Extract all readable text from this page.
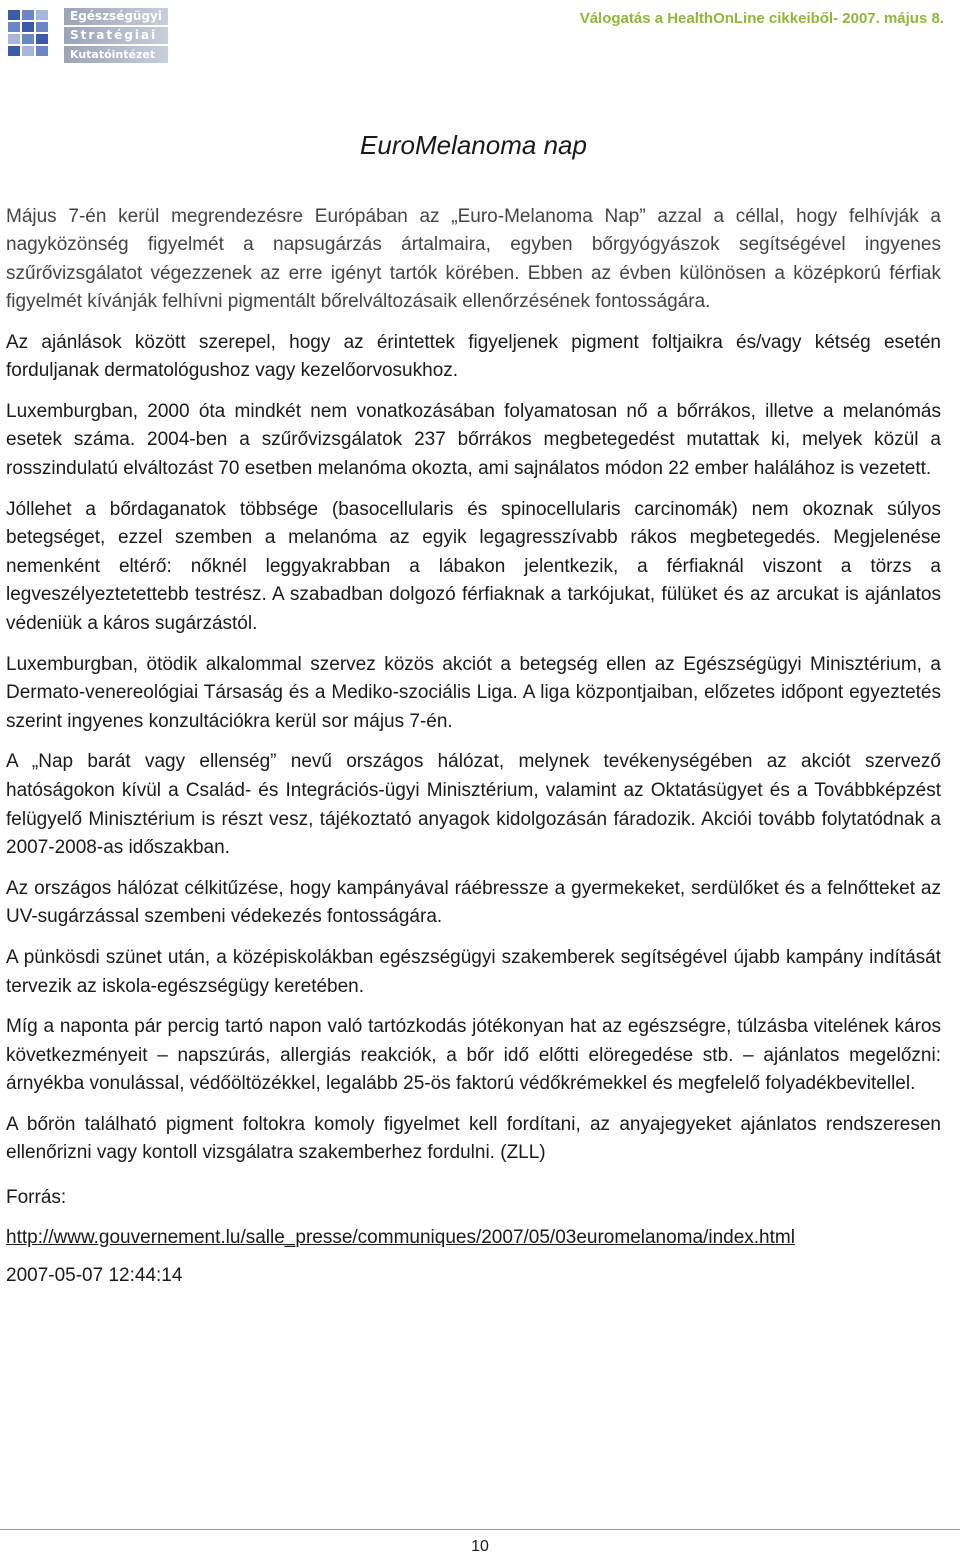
Egészségügyi
Stratégiai
Kutatóintézet
Válogatás a HealthOnLine cikkeiből- 2007. május 8.
EuroMelanoma nap

Május 7-én kerül megrendezésre Európában az „Euro-Melanoma Nap” azzal a céllal, hogy felhívják a nagyközönség figyelmét a napsugárzás ártalmaira, egyben bőrgyógyászok segítségével ingyenes szűrővizsgálatot végezzenek az erre igényt tartók körében. Ebben az évben különösen a középkorú férfiak figyelmét kívánják felhívni pigmentált bőrelváltozásaik ellenőrzésének fontosságára.

Az ajánlások között szerepel, hogy az érintettek figyeljenek pigment foltjaikra és/vagy kétség esetén forduljanak dermatológushoz vagy kezelőorvosukhoz.

Luxemburgban, 2000 óta mindkét nem vonatkozásában folyamatosan nő a bőrrákos, illetve a melanómás esetek száma. 2004-ben a szűrővizsgálatok 237 bőrrákos megbetegedést mutattak ki, melyek közül a rosszindulatú elváltozást 70 esetben melanóma okozta, ami sajnálatos módon 22 ember halálához is vezetett.

Jóllehet a bőrdaganatok többsége (basocellularis és spinocellularis carcinomák) nem okoznak súlyos betegséget, ezzel szemben a melanóma az egyik legagresszívabb rákos megbetegedés. Megjelenése nemenként eltérő: nőknél leggyakrabban a lábakon jelentkezik, a férfiaknál viszont a törzs a legveszélyeztetettebb testrész. A szabadban dolgozó férfiaknak a tarkójukat, fülüket és az arcukat is ajánlatos védeniük a káros sugárzástól.

Luxemburgban, ötödik alkalommal szervez közös akciót a betegség ellen az Egészségügyi Minisztérium, a Dermato-venereológiai Társaság és a Mediko-szociális Liga. A liga központjaiban, előzetes időpont egyeztetés szerint ingyenes konzultációkra kerül sor május 7-én.

A „Nap barát vagy ellenség” nevű országos hálózat, melynek tevékenységében az akciót szervező hatóságokon kívül a Család- és Integrációs-ügyi Minisztérium, valamint az Oktatásügyet és a Továbbképzést felügyelő Minisztérium is részt vesz, tájékoztató anyagok kidolgozásán fáradozik. Akciói tovább folytatódnak a 2007-2008-as időszakban.

Az országos hálózat célkitűzése, hogy kampányával ráébressze a gyermekeket, serdülőket és a felnőtteket az UV-sugárzással szembeni védekezés fontosságára.

A pünkösdi szünet után, a középiskolákban egészségügyi szakemberek segítségével újabb kampány indítását tervezik az iskola-egészségügy keretében.

Míg a naponta pár percig tartó napon való tartózkodás jótékonyan hat az egészségre, túlzásba vitelének káros következményeit – napszúrás, allergiás reakciók, a bőr idő előtti elöregedése stb. – ajánlatos megelőzni: árnyékba vonulással, védőöltözékkel, legalább 25-ös faktorú védőkrémekkel és megfelelő folyadékbevitellel.

A bőrön található pigment foltokra komoly figyelmet kell fordítani, az anyajegyeket ajánlatos rendszeresen ellenőrizni vagy kontoll vizsgálatra szakemberhez fordulni. (ZLL)

Forrás:
http://www.gouvernement.lu/salle_presse/communiques/2007/05/03euromelanoma/index.html
2007-05-07 12:44:14
10
